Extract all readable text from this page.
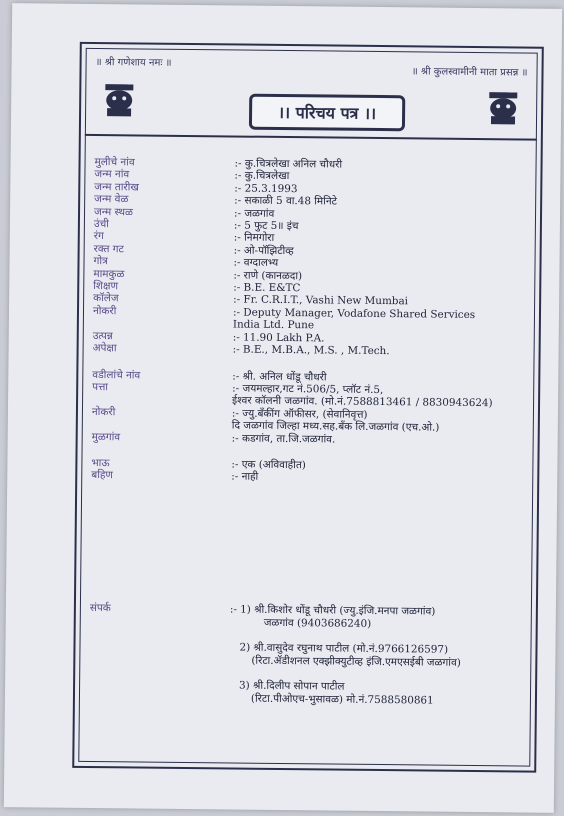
॥ श्री गणेशाय नमः ॥
॥ श्री कुलस्वामीनी माता प्रसन्न ॥
।। परिचय पत्र ।।
मुलीचे नांव	:- कु.चित्रलेखा अनिल चौधरी
जन्म नांव	:- कु.चित्रलेखा
जन्म तारीख	:- 25.3.1993
जन्म वेळ	:- सकाळी 5 वा.48 मिनिटे
जन्म स्थळ	:- जळगांव
उंची	:- 5 फुट 5॥ इंच
रंग	:- निमगोरा
रक्त गट	:- ओ-पॉझिटीव्ह
गोत्र	:- वग्दालभ्य
मामकुळ	:- राणे (कानळदा)
शिक्षण	:- B.E. E&TC
कॉलेज	:- Fr. C.R.I.T., Vashi New Mumbai
नोकरी	:- Deputy Manager, Vodafone Shared Services
India Ltd. Pune
उत्पन्न	:- 11.90 Lakh P.A.
अपेक्षा	:- B.E., M.B.A., M.S. , M.Tech.
वडीलांचे नांव	:- श्री. अनिल धोंडू चौधरी
पत्ता	:- जयमल्हार,गट नं.506/5, प्लॉट नं.5,
ईश्वर कॉलनी जळगांव. (मो.नं.7588813461 / 8830943624)
नोकरी	:- ज्यु.बँकींग ऑफीसर, (सेवानिवृत्त)
दि जळगांव जिल्हा मध्य.सह.बँक लि.जळगांव (एच.ओ.)
मुळगांव	:- कडगांव, ता.जि.जळगांव.
भाऊ	:- एक (अविवाहीत)
बहिण	:- नाही
संपर्क	:- 1) श्री.किशोर धोंडू चौधरी (ज्यु.इंजि.मनपा जळगांव)
जळगांव (9403686240)
2) श्री.वासुदेव रघुनाथ पाटील (मो.नं.9766126597)
(रिटा.ॲडीशनल एक्झीक्युटीव्ह इंजि.एमएसईबी जळगांव)
3) श्री.दिलीप सोपान पाटील
(रिटा.पीओएच-भुसावळ) मो.नं.7588580861
